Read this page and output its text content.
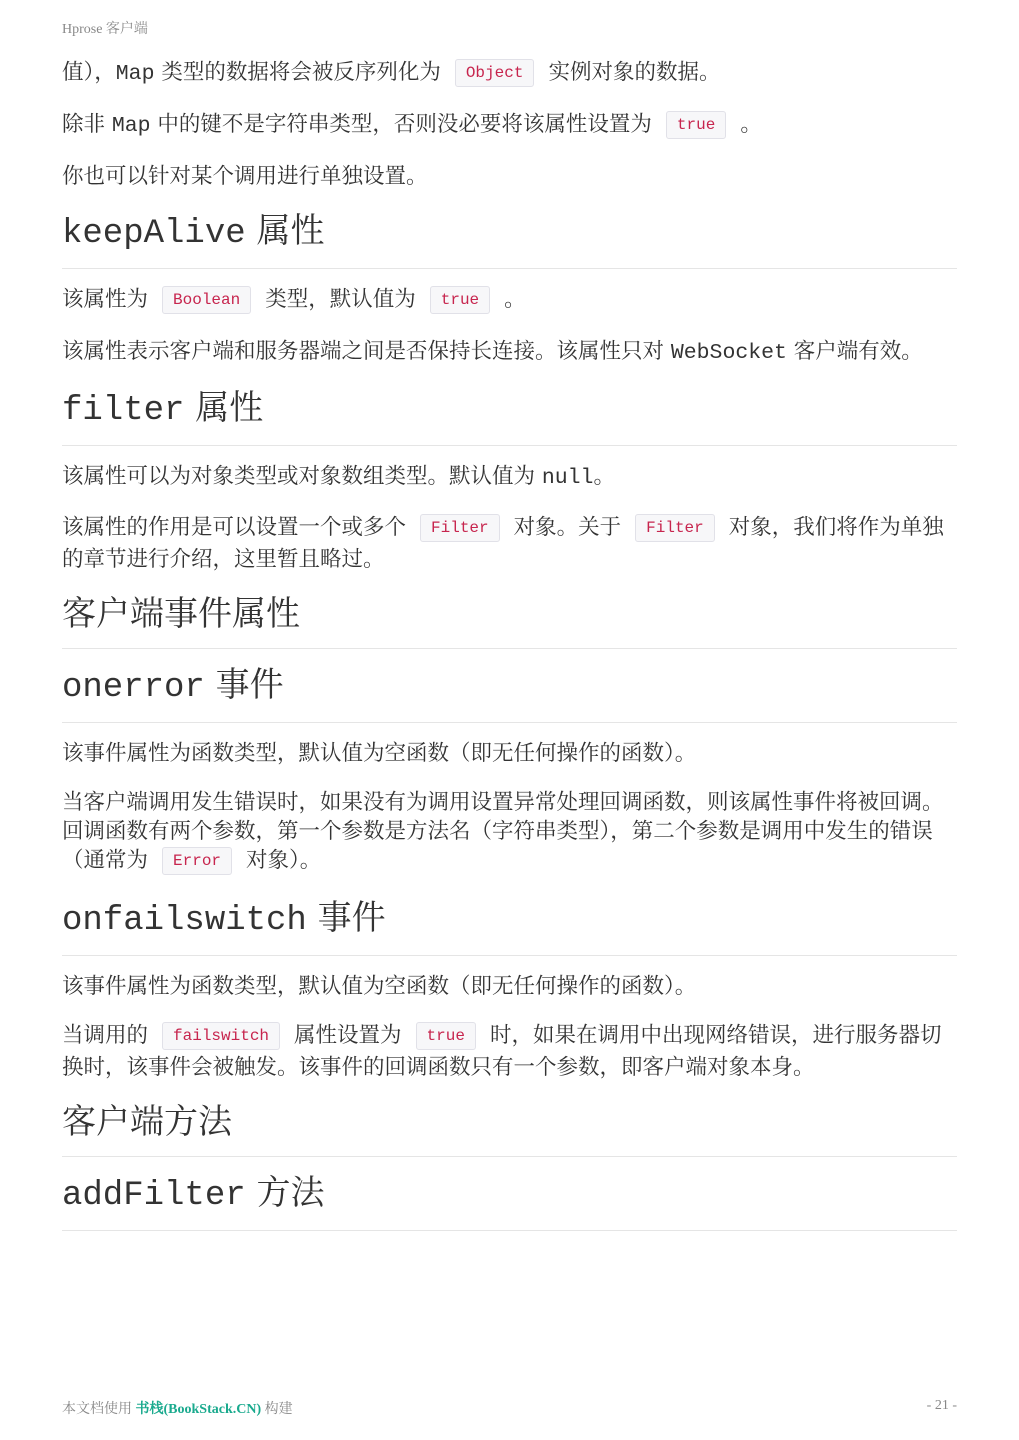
Hprose 客户端

值），Map 类型的数据将会被反序列化为 Object 实例对象的数据。

除非 Map 中的键不是字符串类型，否则没必要将该属性设置为 true 。

你也可以针对某个调用进行单独设置。

keepAlive 属性

该属性为 Boolean 类型，默认值为 true 。

该属性表示客户端和服务器端之间是否保持长连接。该属性只对 WebSocket 客户端有效。

filter 属性

该属性可以为对象类型或对象数组类型。默认值为 null。

该属性的作用是可以设置一个或多个 Filter 对象。关于 Filter 对象，我们将作为单独的章节进行介绍，这里暂且略过。

客户端事件属性
onerror 事件

该事件属性为函数类型，默认值为空函数（即无任何操作的函数）。

当客户端调用发生错误时，如果没有为调用设置异常处理回调函数，则该属性事件将被回调。回调函数有两个参数，第一个参数是方法名（字符串类型），第二个参数是调用中发生的错误（通常为 Error 对象）。

onfailswitch 事件

该事件属性为函数类型，默认值为空函数（即无任何操作的函数）。

当调用的 failswitch 属性设置为 true 时，如果在调用中出现网络错误，进行服务器切换时，该事件会被触发。该事件的回调函数只有一个参数，即客户端对象本身。

客户端方法
addFilter 方法
本文档使用 书栈(BookStack.CN) 构建	- 21 -
